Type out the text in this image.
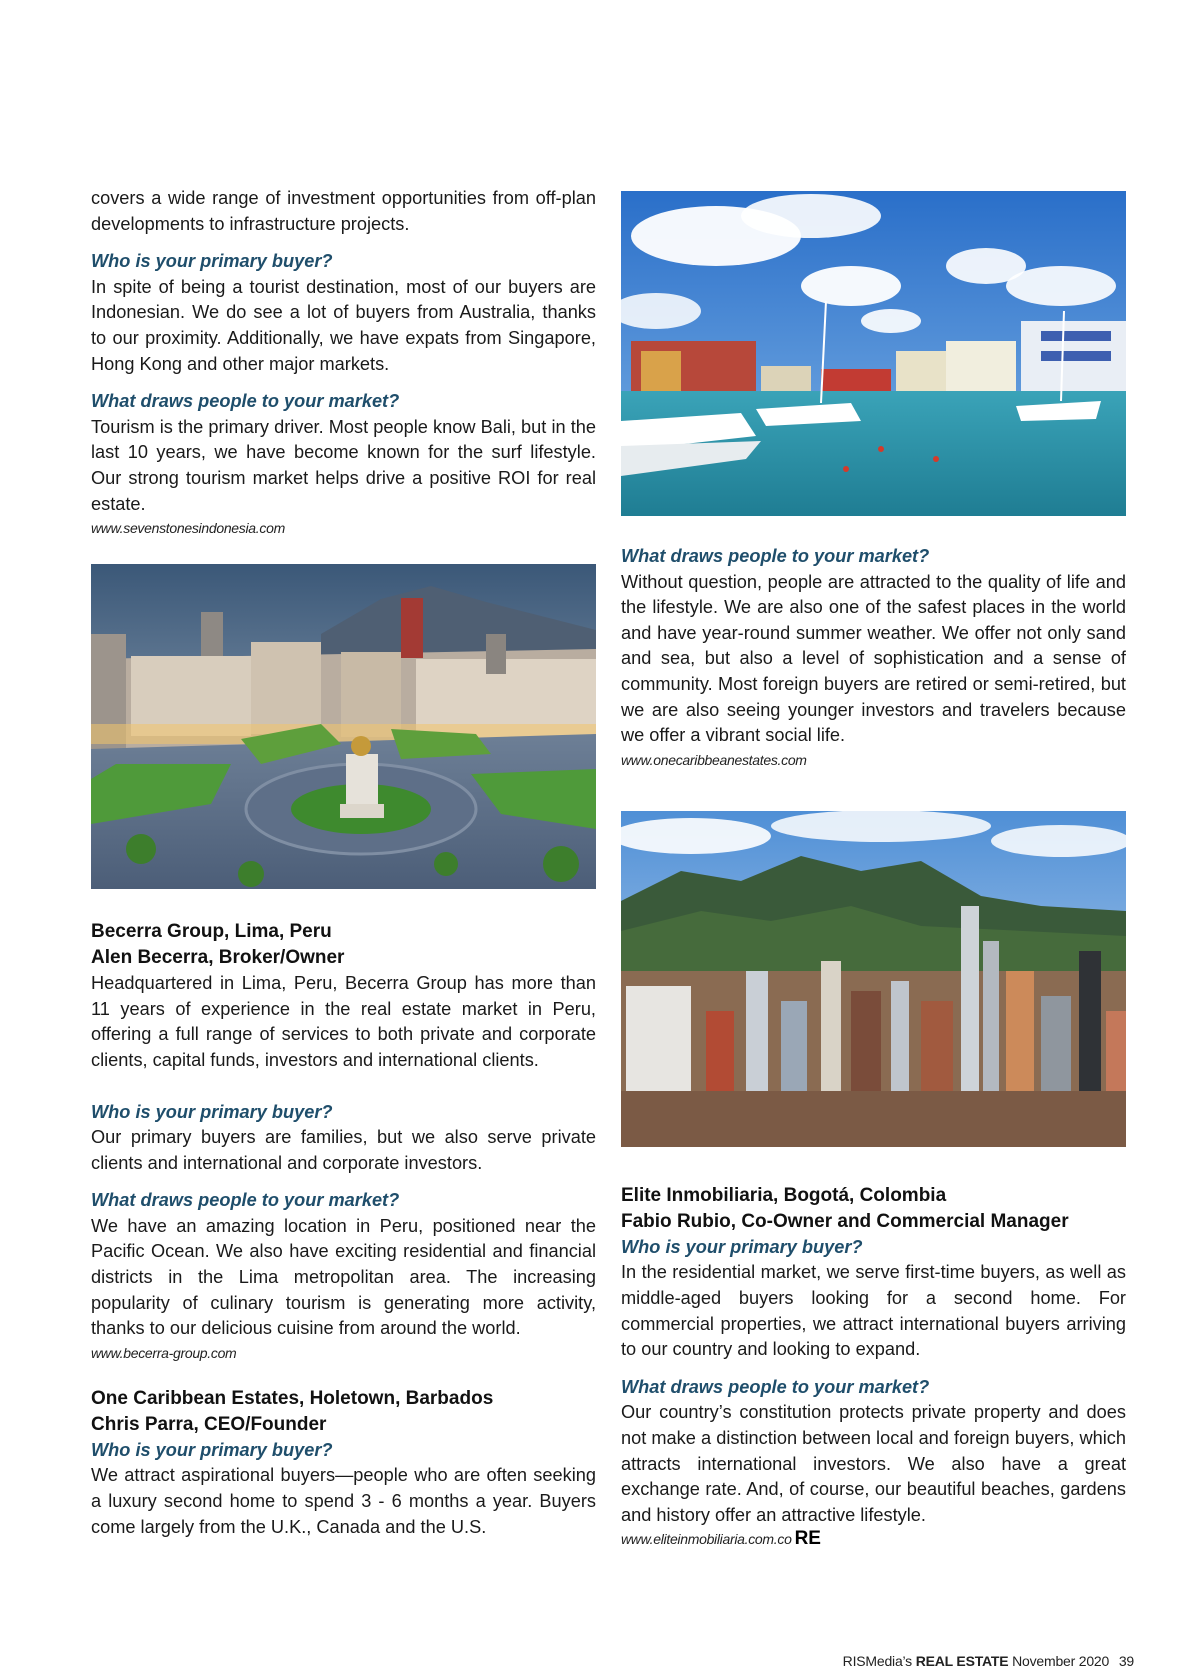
covers a wide range of investment opportunities from off-plan developments to infrastructure projects.

Who is your primary buyer?

In spite of being a tourist destination, most of our buyers are Indonesian. We do see a lot of buyers from Australia, thanks to our proximity. Additionally, we have expats from Singapore, Hong Kong and other major markets.

What draws people to your market?

Tourism is the primary driver. Most people know Bali, but in the last 10 years, we have become known for the surf lifestyle. Our strong tourism market helps drive a positive ROI for real estate.

www.sevenstonesindonesia.com
Becerra Group, Lima, Peru
Alen Becerra, Broker/Owner

Headquartered in Lima, Peru, Becerra Group has more than 11 years of experience in the real estate market in Peru, offering a full range of services to both private and corporate clients, capital funds, investors and international clients.

Who is your primary buyer?

Our primary buyers are families, but we also serve private clients and international and corporate investors.

What draws people to your market?

We have an amazing location in Peru, positioned near the Pacific Ocean. We also have exciting residential and financial districts in the Lima metropolitan area. The increasing popularity of culinary tourism is generating more activity, thanks to our delicious cuisine from around the world.

www.becerra-group.com
One Caribbean Estates, Holetown, Barbados
Chris Parra, CEO/Founder
Who is your primary buyer?

We attract aspirational buyers—people who are often seeking a luxury second home to spend 3 - 6 months a year. Buyers come largely from the U.K., Canada and the U.S.

What draws people to your market?

Without question, people are attracted to the quality of life and the lifestyle. We are also one of the safest places in the world and have year-round summer weather. We offer not only sand and sea, but also a level of sophistication and a sense of community. Most foreign buyers are retired or semi-retired, but we are also seeing younger investors and travelers because we offer a vibrant social life.

www.onecaribbeanestates.com
Elite Inmobiliaria, Bogotá, Colombia
Fabio Rubio, Co-Owner and Commercial Manager
Who is your primary buyer?

In the residential market, we serve first-time buyers, as well as middle-aged buyers looking for a second home. For commercial properties, we attract international buyers arriving to our country and looking to expand.

What draws people to your market?

Our country’s constitution protects private property and does not make a distinction between local and foreign buyers, which attracts international investors. We also have a great exchange rate. And, of course, our beautiful beaches, gardens and history offer an attractive lifestyle.

www.eliteinmobiliaria.com.co RE
RISMedia’s REAL ESTATE November 2020 39
